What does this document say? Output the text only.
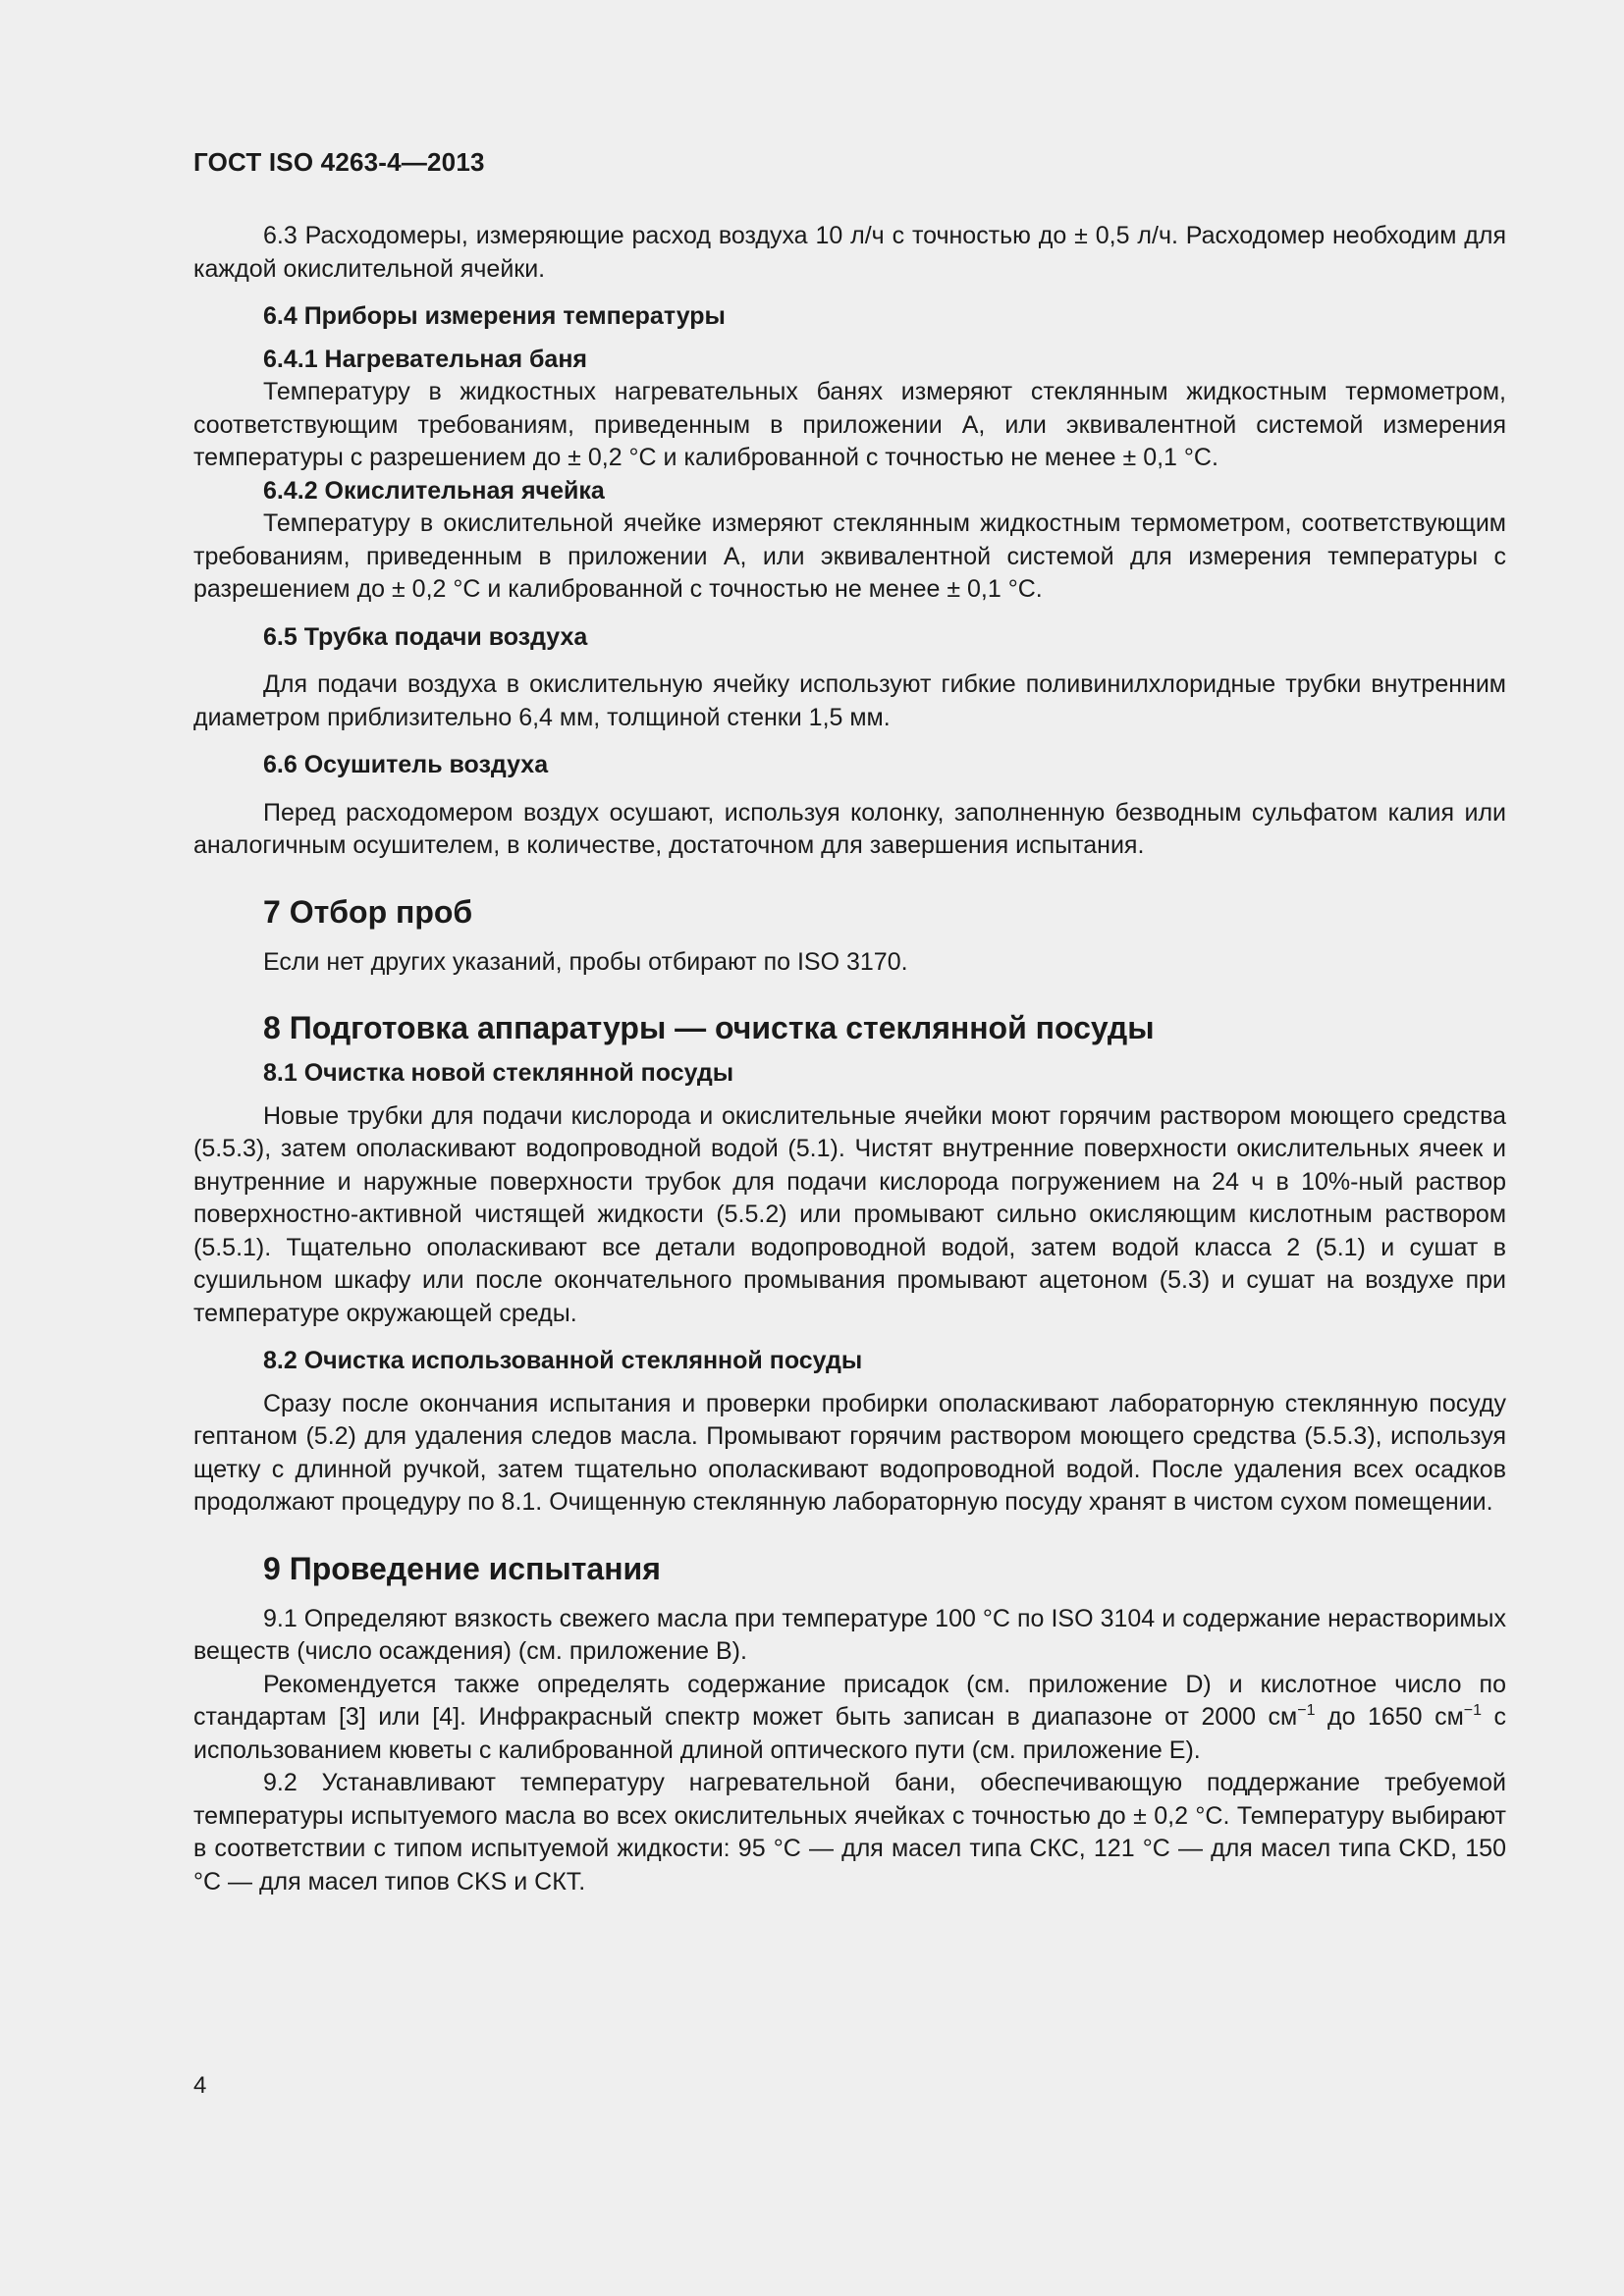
ГОСТ ISO 4263-4—2013

6.3 Расходомеры, измеряющие расход воздуха 10 л/ч с точностью до ± 0,5 л/ч. Расходомер необходим для каждой окислительной ячейки.

6.4 Приборы измерения температуры
6.4.1 Нагревательная баня

Температуру в жидкостных нагревательных банях измеряют стеклянным жидкостным термометром, соответствующим требованиям, приведенным в приложении А, или эквивалентной системой измерения температуры с разрешением до ± 0,2 °С и калиброванной с точностью не менее ± 0,1 °С.

6.4.2 Окислительная ячейка

Температуру в окислительной ячейке измеряют стеклянным жидкостным термометром, соответствующим требованиям, приведенным в приложении А, или эквивалентной системой для измерения температуры с разрешением до ± 0,2 °С и калиброванной с точностью не менее ± 0,1 °С.

6.5 Трубка подачи воздуха

Для подачи воздуха в окислительную ячейку используют гибкие поливинилхлоридные трубки внутренним диаметром приблизительно 6,4 мм, толщиной стенки 1,5 мм.

6.6 Осушитель воздуха

Перед расходомером воздух осушают, используя колонку, заполненную безводным сульфатом калия или аналогичным осушителем, в количестве, достаточном для завершения испытания.

7 Отбор проб

Если нет других указаний, пробы отбирают по ISO 3170.

8 Подготовка аппаратуры — очистка стеклянной посуды
8.1 Очистка новой стеклянной посуды

Новые трубки для подачи кислорода и окислительные ячейки моют горячим раствором моющего средства (5.5.3), затем ополаскивают водопроводной водой (5.1). Чистят внутренние поверхности окислительных ячеек и внутренние и наружные поверхности трубок для подачи кислорода погружением на 24 ч в 10%-ный раствор поверхностно-активной чистящей жидкости (5.5.2) или промывают сильно окисляющим кислотным раствором (5.5.1). Тщательно ополаскивают все детали водопроводной водой, затем водой класса 2 (5.1) и сушат в сушильном шкафу или после окончательного промывания промывают ацетоном (5.3) и сушат на воздухе при температуре окружающей среды.

8.2 Очистка использованной стеклянной посуды

Сразу после окончания испытания и проверки пробирки ополаскивают лабораторную стеклянную посуду гептаном (5.2) для удаления следов масла. Промывают горячим раствором моющего средства (5.5.3), используя щетку с длинной ручкой, затем тщательно ополаскивают водопроводной водой. После удаления всех осадков продолжают процедуру по 8.1. Очищенную стеклянную лабораторную посуду хранят в чистом сухом помещении.

9 Проведение испытания

9.1 Определяют вязкость свежего масла при температуре 100 °С по ISO 3104 и содержание нерастворимых веществ (число осаждения) (см. приложение В).

Рекомендуется также определять содержание присадок (см. приложение D) и кислотное число по стандартам [3] или [4]. Инфракрасный спектр может быть записан в диапазоне от 2000 $см^{-1}$ до 1650 $см^{-1}$ с использованием кюветы с калиброванной длиной оптического пути (см. приложение Е).

9.2 Устанавливают температуру нагревательной бани, обеспечивающую поддержание требуемой температуры испытуемого масла во всех окислительных ячейках с точностью до ± 0,2 °С. Температуру выбирают в соответствии с типом испытуемой жидкости: 95 °С — для масел типа СКС, 121 °С — для масел типа CKD, 150 °С — для масел типов CKS и СКТ.

4
